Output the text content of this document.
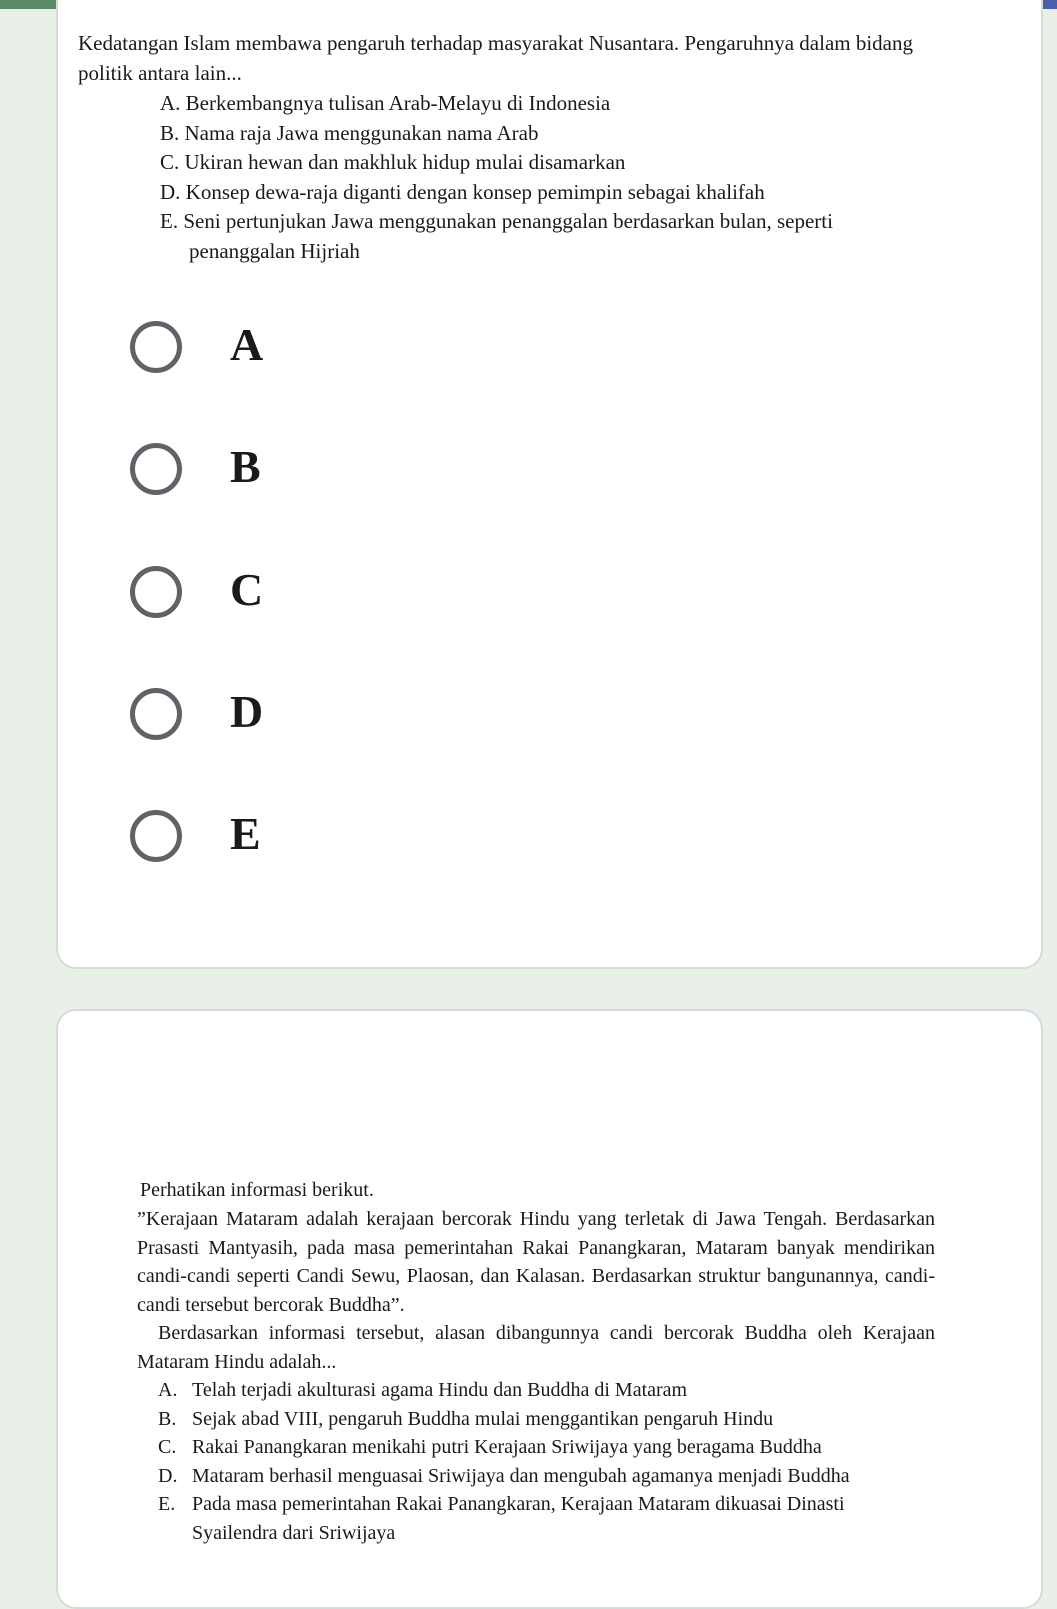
Kedatangan Islam membawa pengaruh terhadap masyarakat Nusantara. Pengaruhnya dalam bidang politik antara lain...
A. Berkembangnya tulisan Arab-Melayu di Indonesia
B. Nama raja Jawa menggunakan nama Arab
C. Ukiran hewan dan makhluk hidup mulai disamarkan
D. Konsep dewa-raja diganti dengan konsep pemimpin sebagai khalifah
E. Seni pertunjukan Jawa menggunakan penanggalan berdasarkan bulan, seperti
penanggalan Hijriah
A
B
C
D
E
Perhatikan informasi berikut.
”Kerajaan Mataram adalah kerajaan bercorak Hindu yang terletak di Jawa Tengah. Berdasarkan Prasasti Mantyasih, pada masa pemerintahan Rakai Panangkaran, Mataram banyak mendirikan candi-candi seperti Candi Sewu, Plaosan, dan Kalasan. Berdasarkan struktur bangunannya, candi-candi tersebut bercorak Buddha”.
Berdasarkan informasi tersebut, alasan dibangunnya candi bercorak Buddha oleh Kerajaan Mataram Hindu adalah...
A. Telah terjadi akulturasi agama Hindu dan Buddha di Mataram
B. Sejak abad VIII, pengaruh Buddha mulai menggantikan pengaruh Hindu
C. Rakai Panangkaran menikahi putri Kerajaan Sriwijaya yang beragama Buddha
D. Mataram berhasil menguasai Sriwijaya dan mengubah agamanya menjadi Buddha
E. Pada masa pemerintahan Rakai Panangkaran, Kerajaan Mataram dikuasai Dinasti Syailendra dari Sriwijaya
